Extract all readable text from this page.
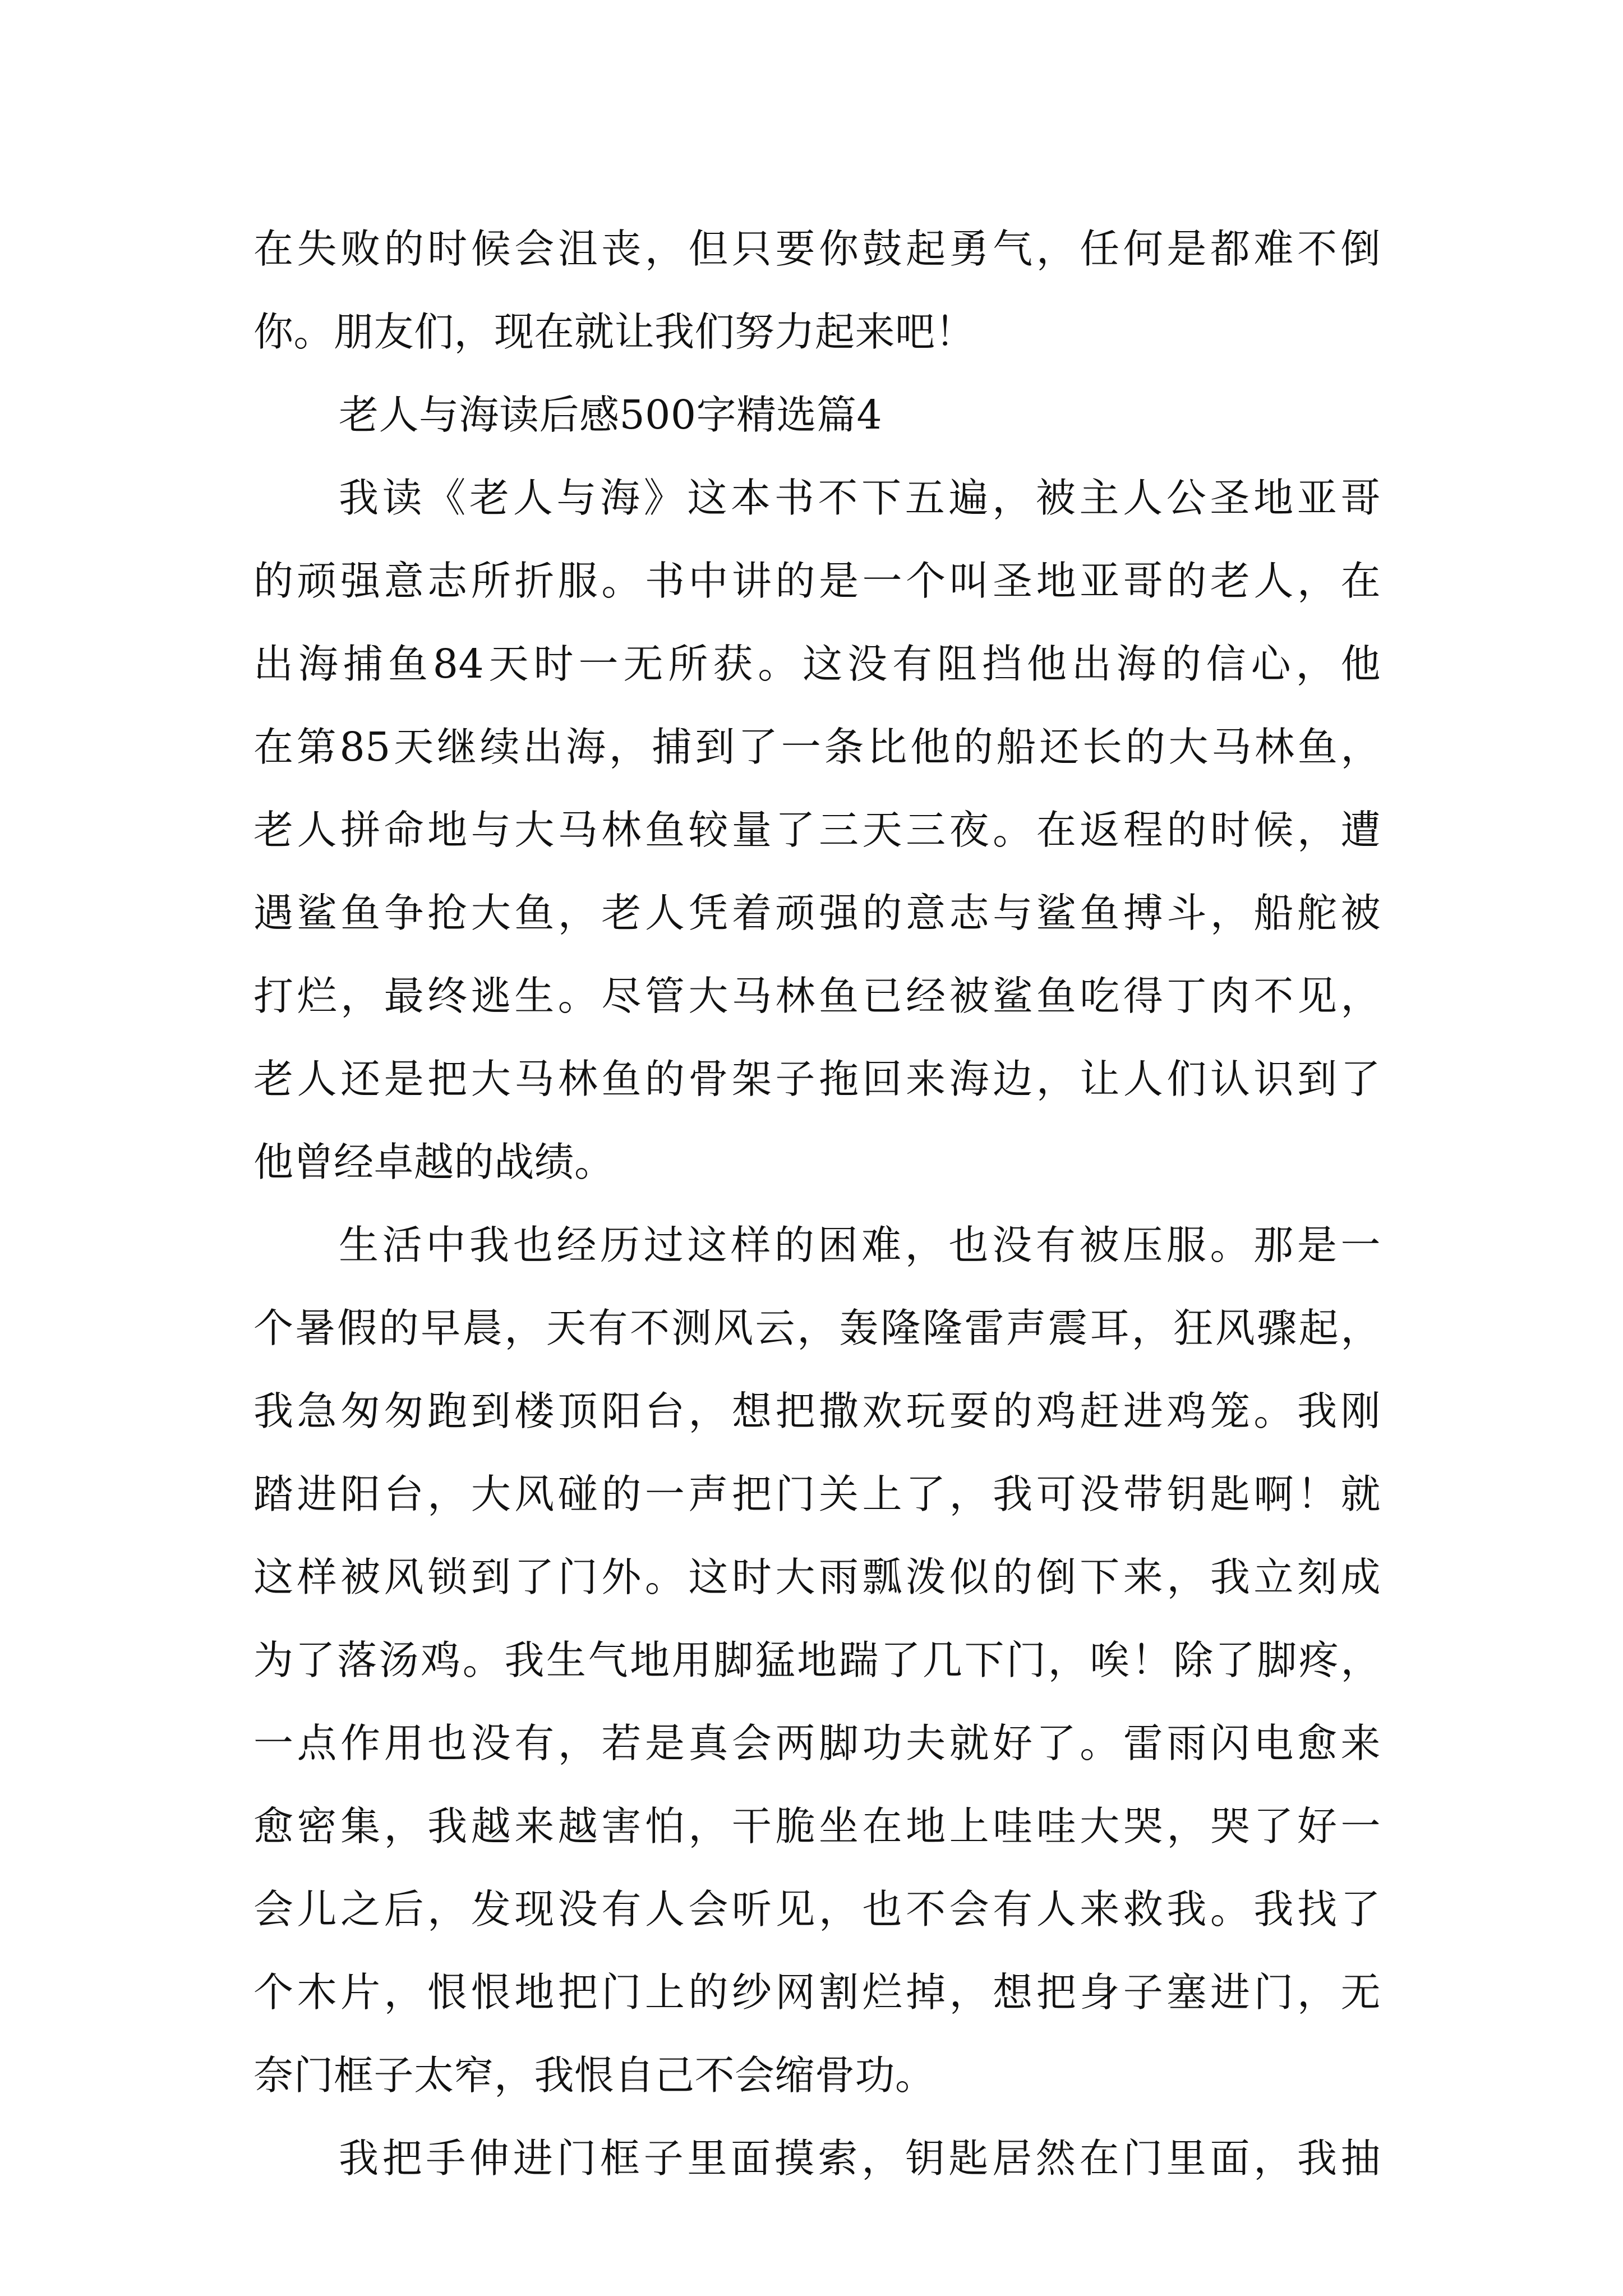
在失败的时候会沮丧，但只要你鼓起勇气，任何是都难不倒
你。朋友们，现在就让我们努力起来吧！
老人与海读后感500字精选篇4
我读《老人与海》这本书不下五遍，被主人公圣地亚哥
的顽强意志所折服。书中讲的是一个叫圣地亚哥的老人，在
出海捕鱼84天时一无所获。这没有阻挡他出海的信心，他
在第85天继续出海，捕到了一条比他的船还长的大马林鱼，
老人拼命地与大马林鱼较量了三天三夜。在返程的时候，遭
遇鲨鱼争抢大鱼，老人凭着顽强的意志与鲨鱼搏斗，船舵被
打烂，最终逃生。尽管大马林鱼已经被鲨鱼吃得丁肉不见，
老人还是把大马林鱼的骨架子拖回来海边，让人们认识到了
他曾经卓越的战绩。
生活中我也经历过这样的困难，也没有被压服。那是一
个暑假的早晨，天有不测风云，轰隆隆雷声震耳，狂风骤起，
我急匆匆跑到楼顶阳台，想把撒欢玩耍的鸡赶进鸡笼。我刚
踏进阳台，大风碰的一声把门关上了，我可没带钥匙啊！就
这样被风锁到了门外。这时大雨瓢泼似的倒下来，我立刻成
为了落汤鸡。我生气地用脚猛地踹了几下门，唉！除了脚疼，
一点作用也没有，若是真会两脚功夫就好了。雷雨闪电愈来
愈密集，我越来越害怕，干脆坐在地上哇哇大哭，哭了好一
会儿之后，发现没有人会听见，也不会有人来救我。我找了
个木片，恨恨地把门上的纱网割烂掉，想把身子塞进门，无
奈门框子太窄，我恨自己不会缩骨功。
我把手伸进门框子里面摸索，钥匙居然在门里面，我抽
